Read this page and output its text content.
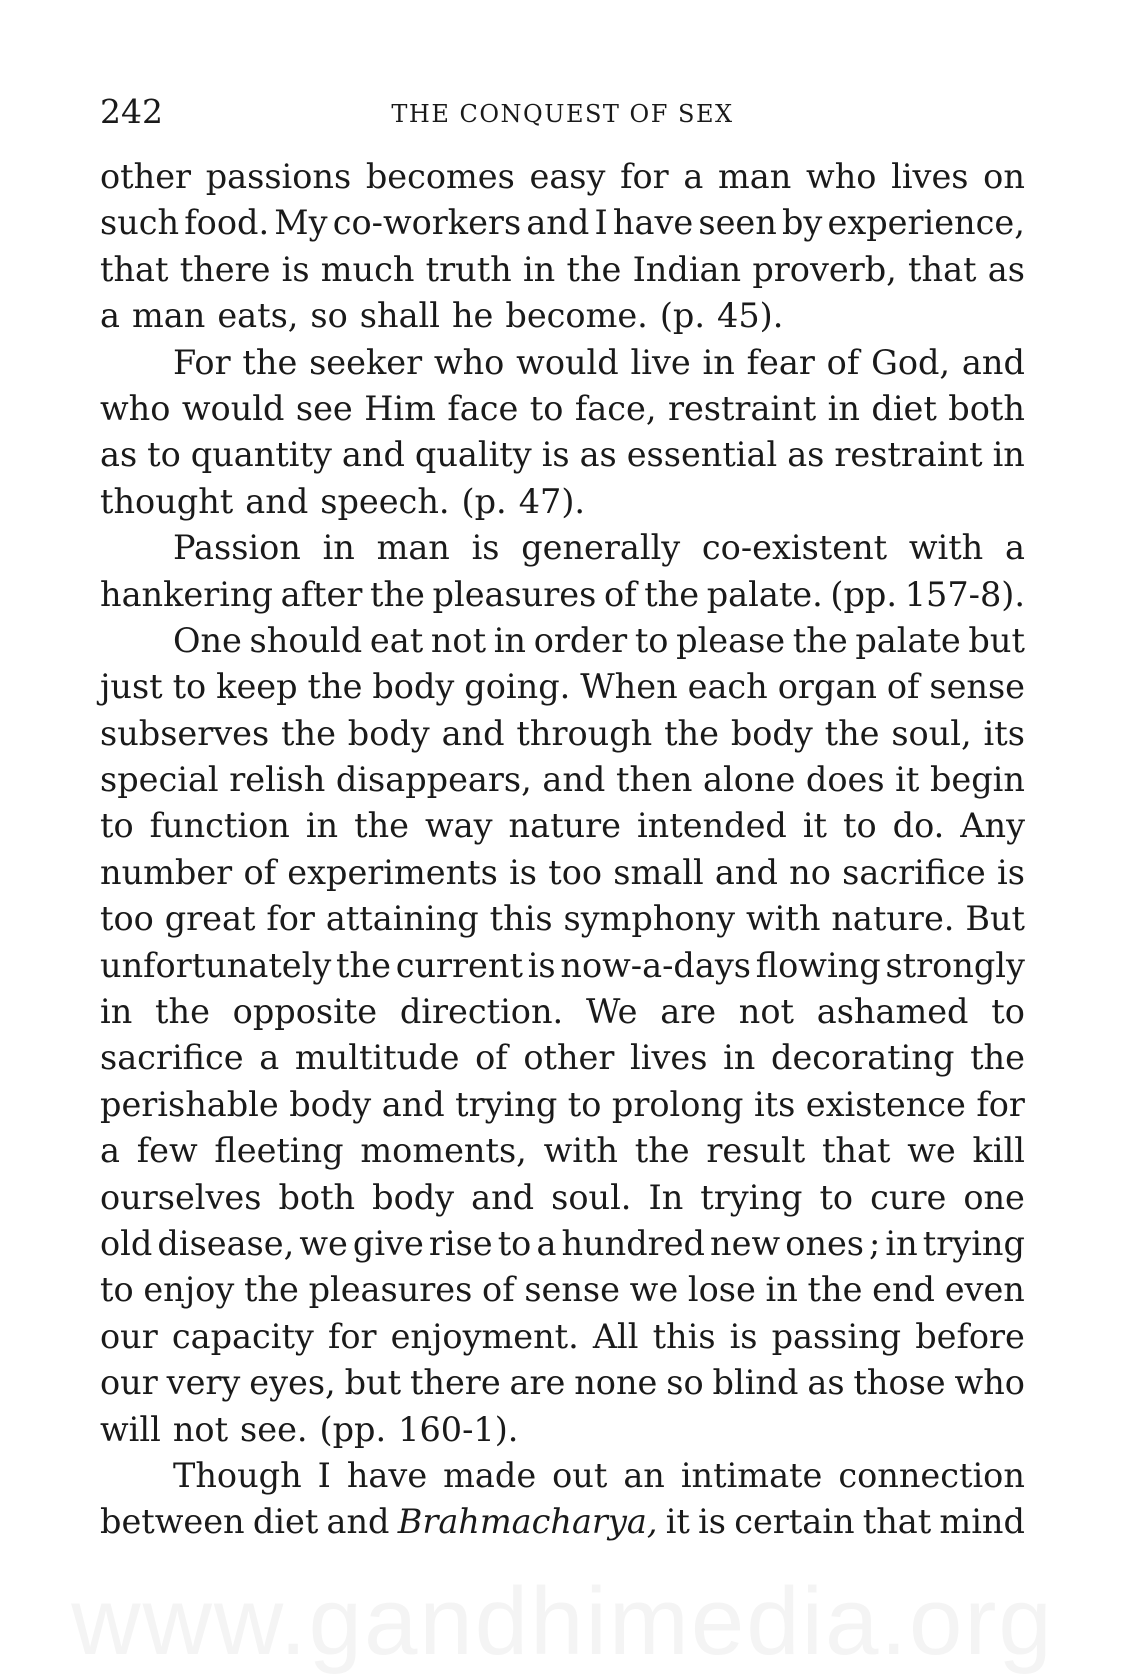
www.gandhimedia.org
242	THE CONQUEST OF SEX
other passions becomes easy for a man who lives on
such food. My co-workers and I have seen by experience,
that there is much truth in the Indian proverb, that as
a man eats, so shall he become. (p. 45).
For the seeker who would live in fear of God, and
who would see Him face to face, restraint in diet both
as to quantity and quality is as essential as restraint in
thought and speech. (p. 47).
Passion in man is generally co-existent with a
hankering after the pleasures of the palate. (pp. 157-8).
One should eat not in order to please the palate but
just to keep the body going. When each organ of sense
subserves the body and through the body the soul, its
special relish disappears, and then alone does it begin
to function in the way nature intended it to do. Any
number of experiments is too small and no sacrifice is
too great for attaining this symphony with nature. But
unfortunately the current is now-a-days flowing strongly
in the opposite direction. We are not ashamed to
sacrifice a multitude of other lives in decorating the
perishable body and trying to prolong its existence for
a few fleeting moments, with the result that we kill
ourselves both body and soul. In trying to cure one
old disease, we give rise to a hundred new ones ; in trying
to enjoy the pleasures of sense we lose in the end even
our capacity for enjoyment. All this is passing before
our very eyes, but there are none so blind as those who
will not see. (pp. 160-1).
Though I have made out an intimate connection
between diet and Brahmacharya, it is certain that mind
